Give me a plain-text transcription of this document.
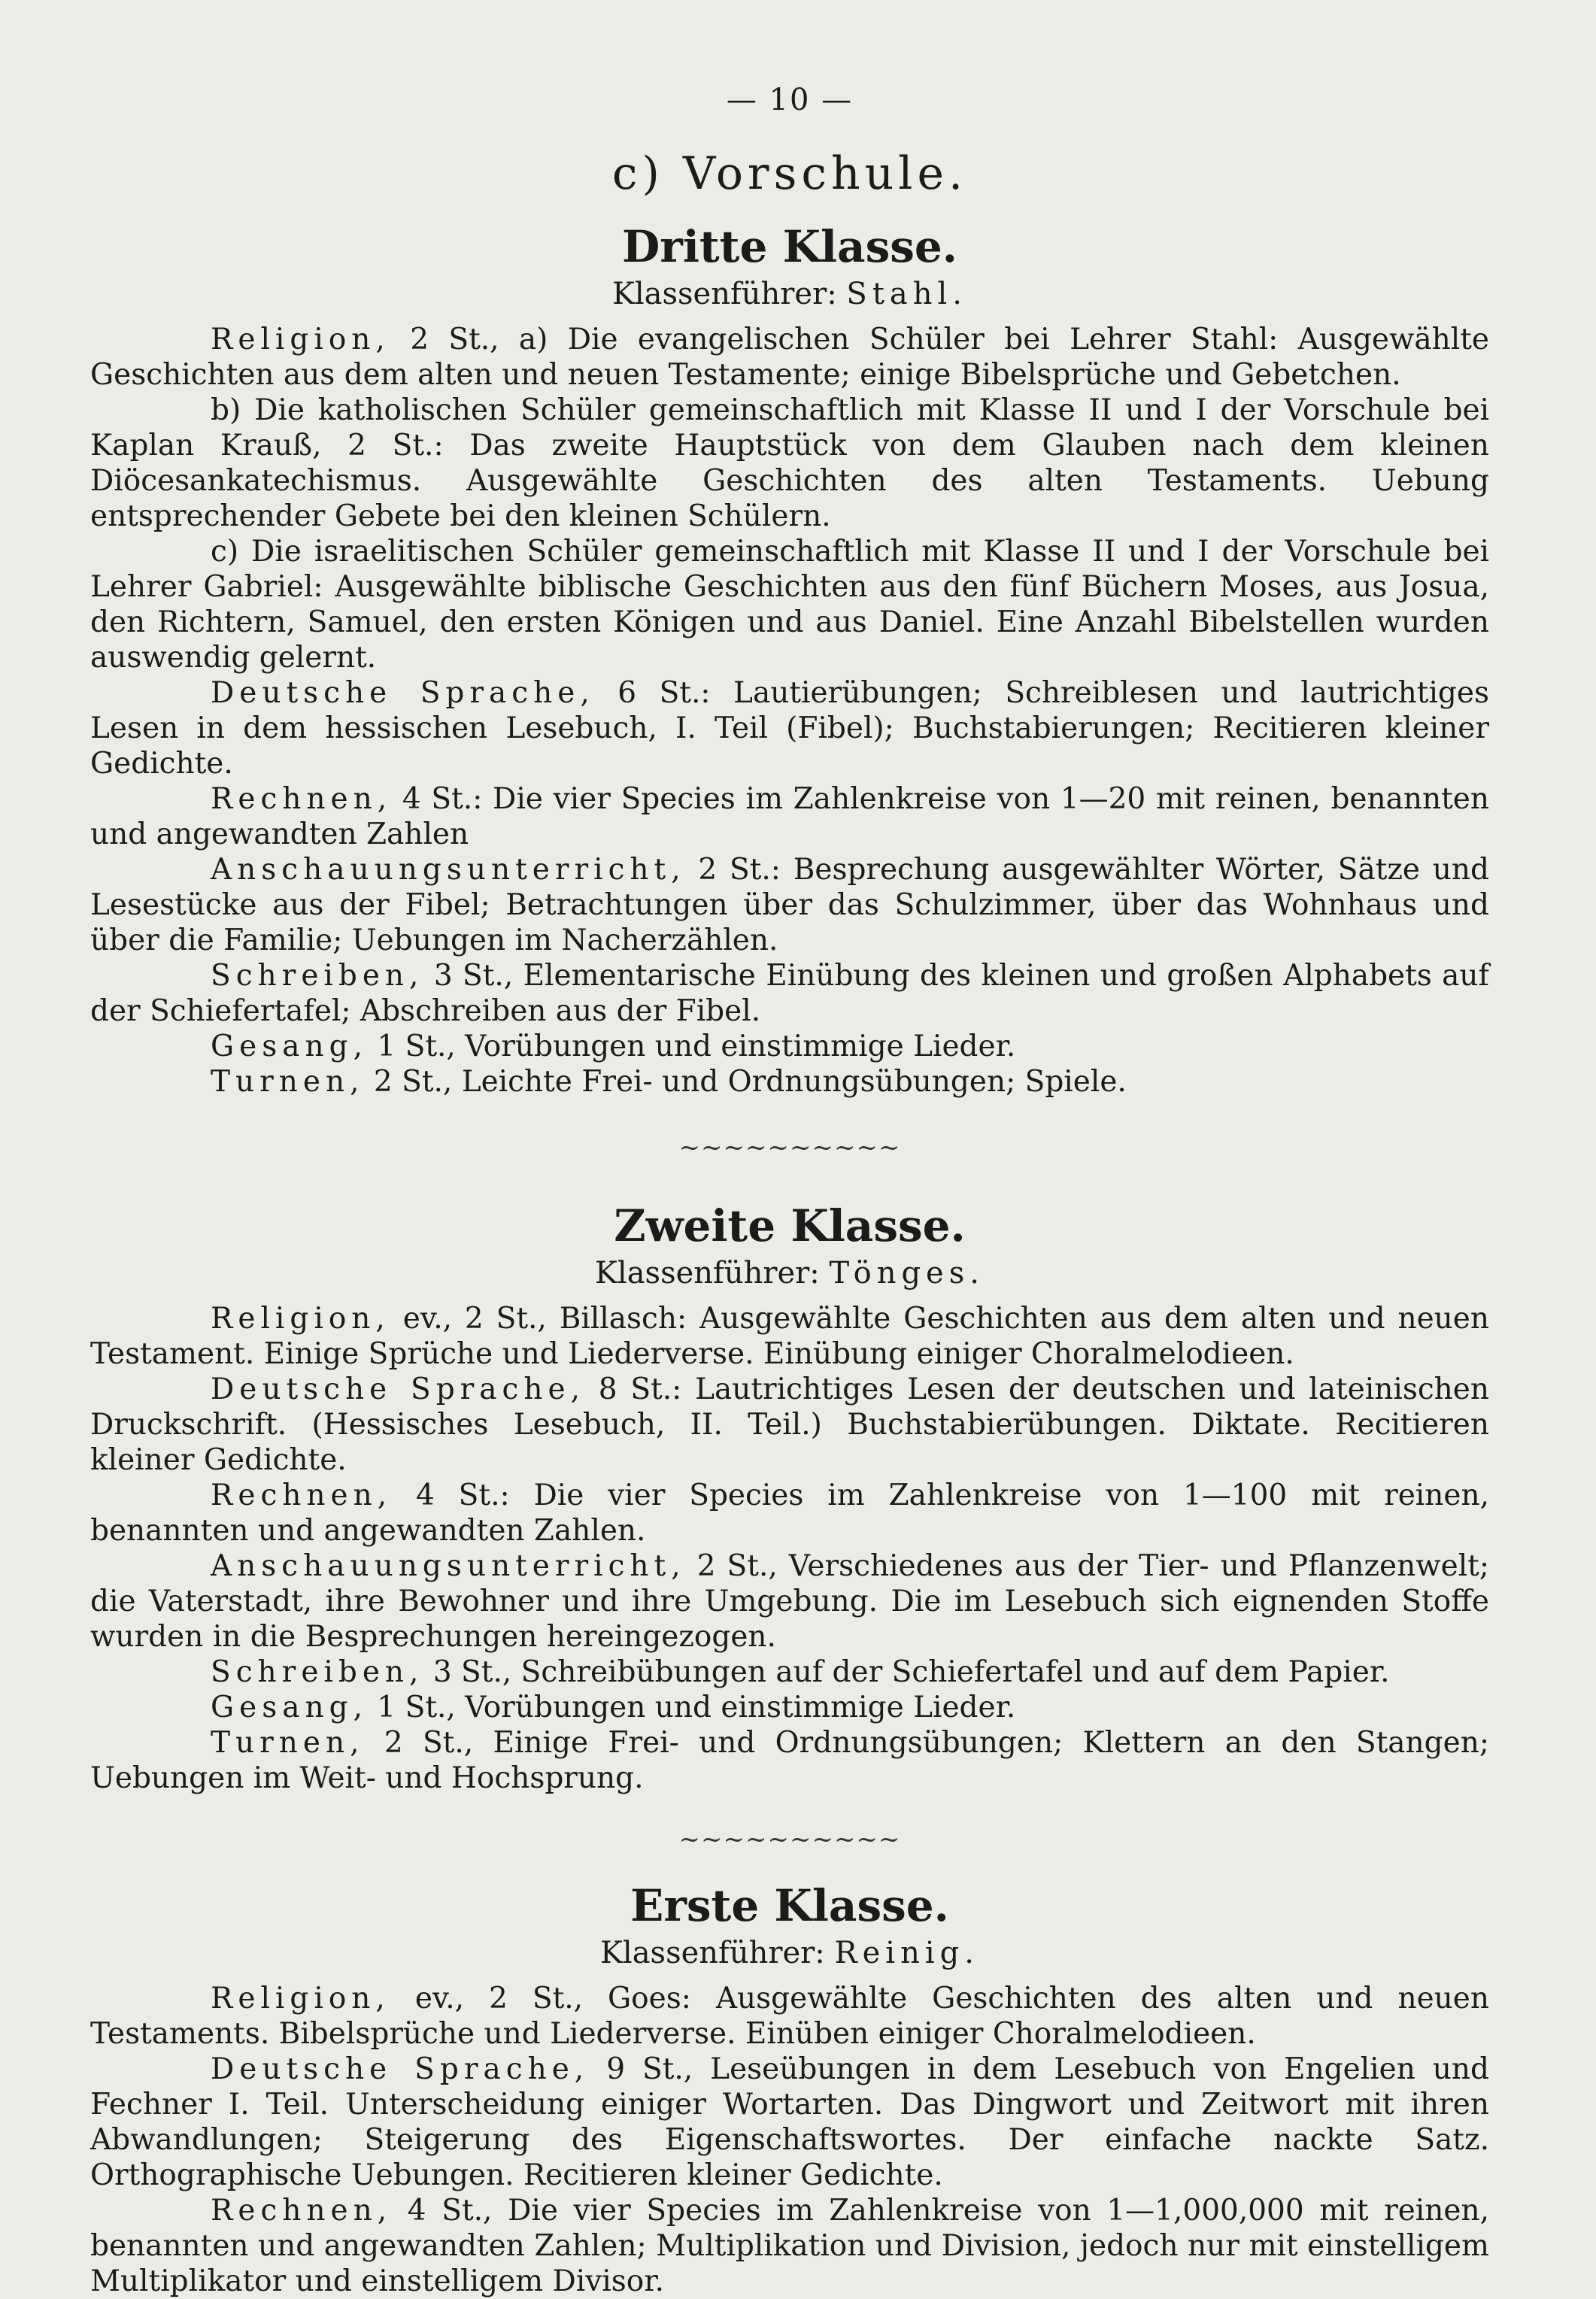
— 10 —
c) Vorschule.
Dritte Klasse.
Klassenführer: Stahl.

Religion, 2 St., a) Die evangelischen Schüler bei Lehrer Stahl: Ausgewählte Geschichten aus dem alten und neuen Testamente; einige Bibelsprüche und Gebetchen.

b) Die katholischen Schüler gemeinschaftlich mit Klasse II und I der Vorschule bei Kaplan Krauß, 2 St.: Das zweite Hauptstück von dem Glauben nach dem kleinen Diöcesankatechismus. Ausgewählte Geschichten des alten Testaments. Uebung entsprechender Gebete bei den kleinen Schülern.

c) Die israelitischen Schüler gemeinschaftlich mit Klasse II und I der Vorschule bei Lehrer Gabriel: Ausgewählte biblische Geschichten aus den fünf Büchern Moses, aus Josua, den Richtern, Samuel, den ersten Königen und aus Daniel. Eine Anzahl Bibelstellen wurden auswendig gelernt.

Deutsche Sprache, 6 St.: Lautierübungen; Schreiblesen und lautrichtiges Lesen in dem hessischen Lesebuch, I. Teil (Fibel); Buchstabierungen; Recitieren kleiner Gedichte.

Rechnen, 4 St.: Die vier Species im Zahlenkreise von 1—20 mit reinen, benannten und angewandten Zahlen

Anschauungsunterricht, 2 St.: Besprechung ausgewählter Wörter, Sätze und Lesestücke aus der Fibel; Betrachtungen über das Schulzimmer, über das Wohnhaus und über die Familie; Uebungen im Nacherzählen.

Schreiben, 3 St., Elementarische Einübung des kleinen und großen Alphabets auf der Schiefertafel; Abschreiben aus der Fibel.

Gesang, 1 St., Vorübungen und einstimmige Lieder.

Turnen, 2 St., Leichte Frei- und Ordnungsübungen; Spiele.

~~~~~~~~~~
Zweite Klasse.
Klassenführer: Tönges.

Religion, ev., 2 St., Billasch: Ausgewählte Geschichten aus dem alten und neuen Testament. Einige Sprüche und Liederverse. Einübung einiger Choralmelodieen.

Deutsche Sprache, 8 St.: Lautrichtiges Lesen der deutschen und lateinischen Druckschrift. (Hessisches Lesebuch, II. Teil.) Buchstabierübungen. Diktate. Recitieren kleiner Gedichte.

Rechnen, 4 St.: Die vier Species im Zahlenkreise von 1—100 mit reinen, benannten und angewandten Zahlen.

Anschauungsunterricht, 2 St., Verschiedenes aus der Tier- und Pflanzenwelt; die Vaterstadt, ihre Bewohner und ihre Umgebung. Die im Lesebuch sich eignenden Stoffe wurden in die Besprechungen hereingezogen.

Schreiben, 3 St., Schreibübungen auf der Schiefertafel und auf dem Papier.

Gesang, 1 St., Vorübungen und einstimmige Lieder.

Turnen, 2 St., Einige Frei- und Ordnungsübungen; Klettern an den Stangen; Uebungen im Weit- und Hochsprung.

~~~~~~~~~~
Erste Klasse.
Klassenführer: Reinig.

Religion, ev., 2 St., Goes: Ausgewählte Geschichten des alten und neuen Testaments. Bibelsprüche und Liederverse. Einüben einiger Choralmelodieen.

Deutsche Sprache, 9 St., Leseübungen in dem Lesebuch von Engelien und Fechner I. Teil. Unterscheidung einiger Wortarten. Das Dingwort und Zeitwort mit ihren Abwandlungen; Steigerung des Eigenschaftswortes. Der einfache nackte Satz. Orthographische Uebungen. Recitieren kleiner Gedichte.

Rechnen, 4 St., Die vier Species im Zahlenkreise von 1—1,000,000 mit reinen, benannten und angewandten Zahlen; Multiplikation und Division, jedoch nur mit einstelligem Multiplikator und einstelligem Divisor.
